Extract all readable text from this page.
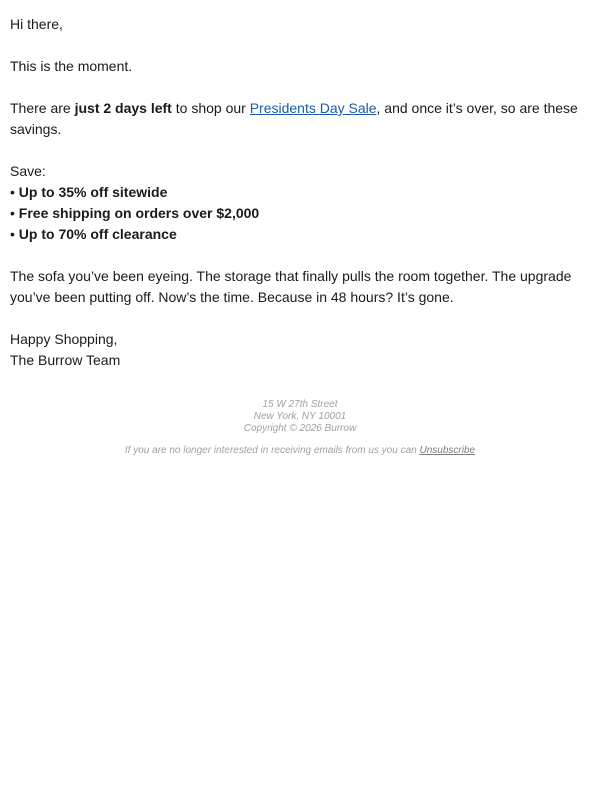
Hi there,

This is the moment.

There are just 2 days left to shop our Presidents Day Sale, and once it’s over, so are these savings.

Save:

• Up to 35% off sitewide

• Free shipping on orders over $2,000

• Up to 70% off clearance

The sofa you’ve been eyeing. The storage that finally pulls the room together. The upgrade you’ve been putting off. Now’s the time. Because in 48 hours? It’s gone.

Happy Shopping,

The Burrow Team

15 W 27th Street
New York, NY 10001
Copyright © 2026 Burrow
If you are no longer interested in receiving emails from us you can Unsubscribe
